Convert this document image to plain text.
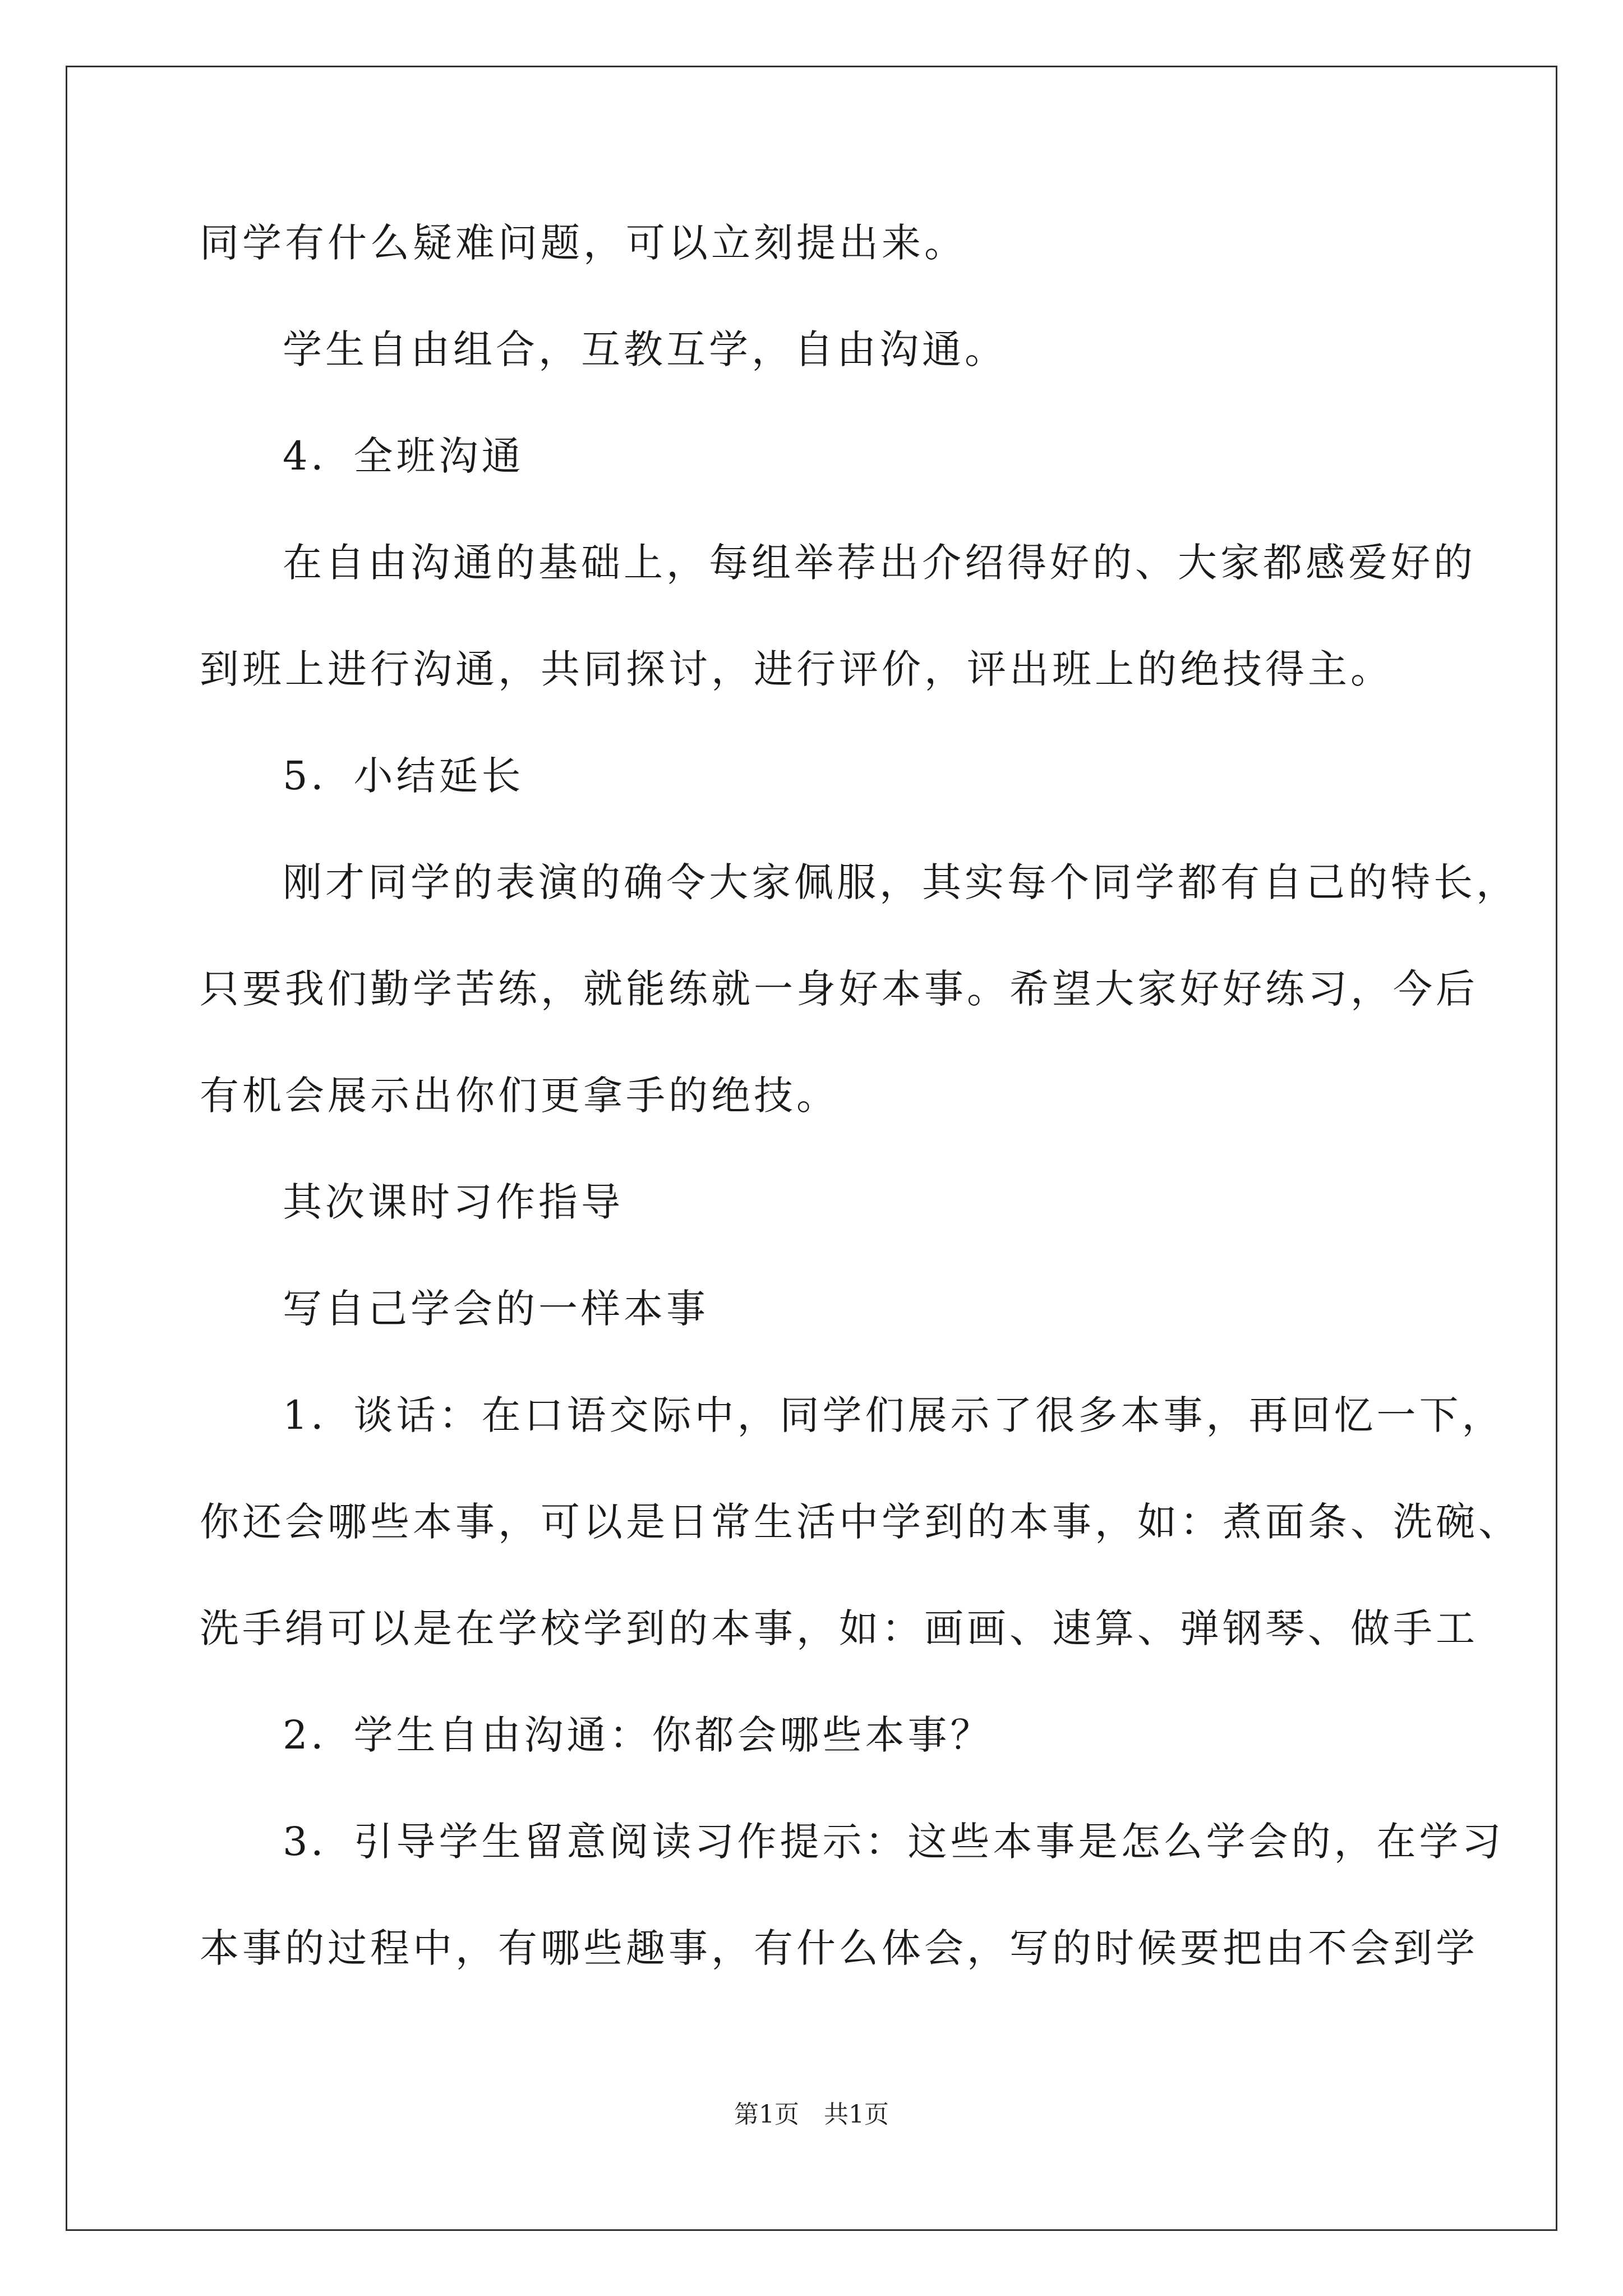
同学有什么疑难问题，可以立刻提出来。
学生自由组合，互教互学，自由沟通。
4．全班沟通
在自由沟通的基础上，每组举荐出介绍得好的、大家都感爱好的
到班上进行沟通，共同探讨，进行评价，评出班上的绝技得主。
5．小结延长
刚才同学的表演的确令大家佩服，其实每个同学都有自己的特长，
只要我们勤学苦练，就能练就一身好本事。希望大家好好练习，今后
有机会展示出你们更拿手的绝技。
其次课时习作指导
写自己学会的一样本事
1．谈话：在口语交际中，同学们展示了很多本事，再回忆一下，
你还会哪些本事，可以是日常生活中学到的本事，如：煮面条、洗碗、
洗手绢可以是在学校学到的本事，如：画画、速算、弹钢琴、做手工
2．学生自由沟通：你都会哪些本事？
3．引导学生留意阅读习作提示：这些本事是怎么学会的，在学习
本事的过程中，有哪些趣事，有什么体会，写的时候要把由不会到学
第1页　共1页
